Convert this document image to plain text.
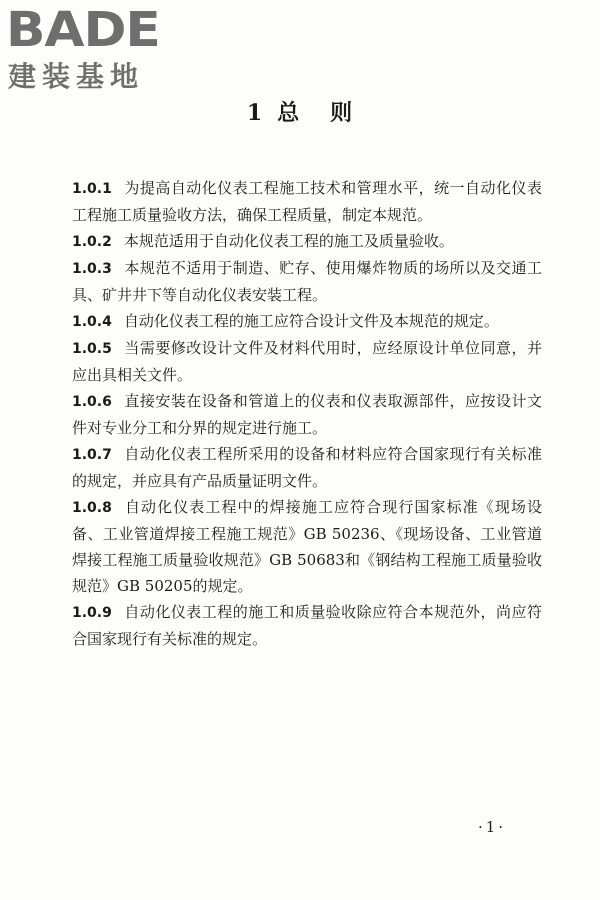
BADE
建装基地
1 总 则

1.0.1 为提高自动化仪表工程施工技术和管理水平，统一自动化仪表工程施工质量验收方法，确保工程质量，制定本规范。

1.0.2 本规范适用于自动化仪表工程的施工及质量验收。

1.0.3 本规范不适用于制造、贮存、使用爆炸物质的场所以及交通工具、矿井井下等自动化仪表安装工程。

1.0.4 自动化仪表工程的施工应符合设计文件及本规范的规定。

1.0.5 当需要修改设计文件及材料代用时，应经原设计单位同意，并应出具相关文件。

1.0.6 直接安装在设备和管道上的仪表和仪表取源部件，应按设计文件对专业分工和分界的规定进行施工。

1.0.7 自动化仪表工程所采用的设备和材料应符合国家现行有关标准的规定，并应具有产品质量证明文件。

1.0.8 自动化仪表工程中的焊接施工应符合现行国家标准《现场设备、工业管道焊接工程施工规范》GB 50236、《现场设备、工业管道焊接工程施工质量验收规范》GB 50683和《钢结构工程施工质量验收规范》GB 50205的规定。

1.0.9 自动化仪表工程的施工和质量验收除应符合本规范外，尚应符合国家现行有关标准的规定。

·1·
